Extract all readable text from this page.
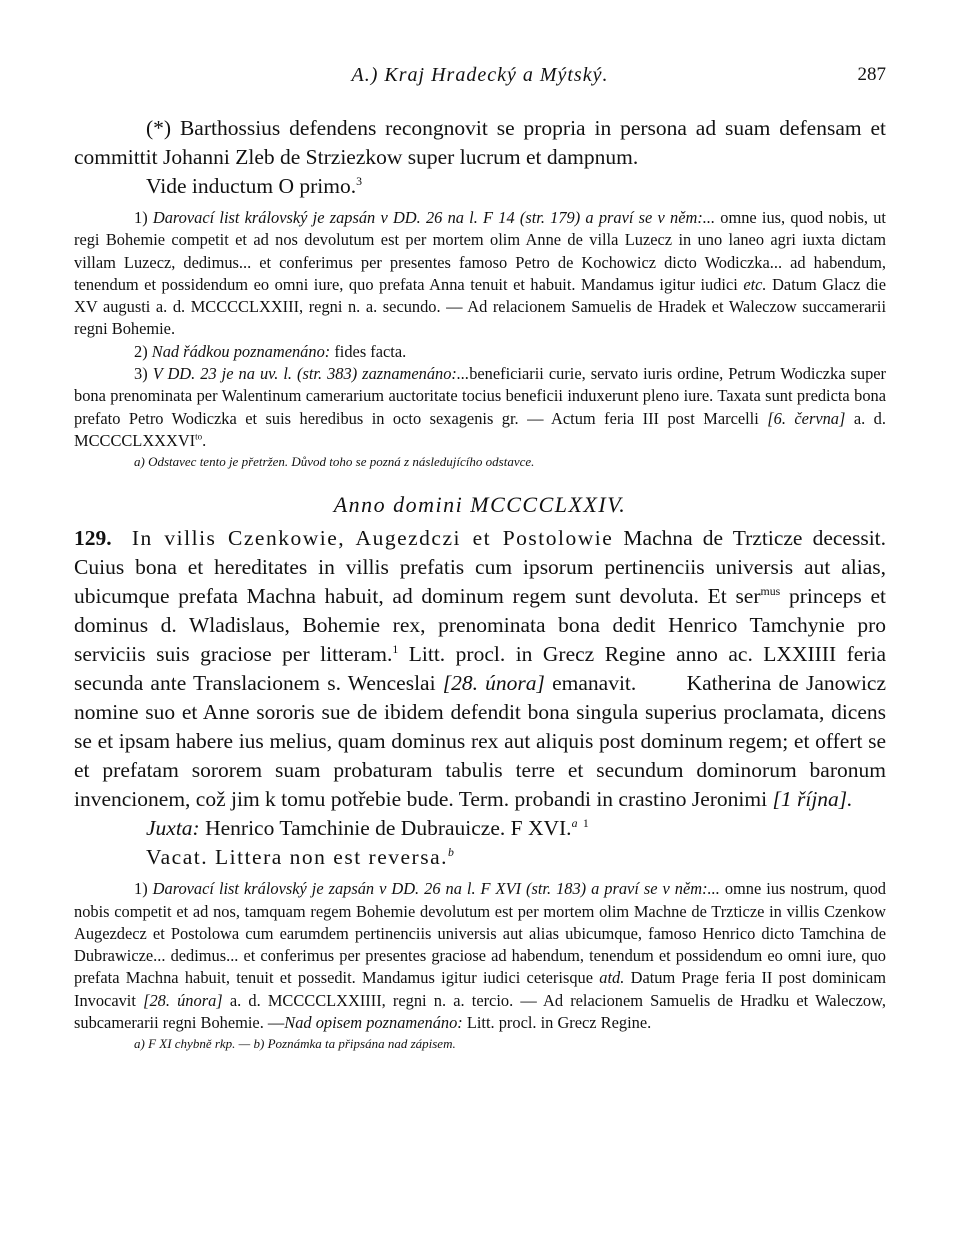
A.) Kraj Hradecký a Mýtský.	287

(*) Barthossius defendens recongnovit se propria in persona ad suam defensam et committit Johanni Zleb de Strziezkow super lucrum et dampnum.

Vide inductum O primo.$^3$

1) Darovací list královský je zapsán v DD. 26 na l. F 14 (str. 179) a praví se v něm:... omne ius, quod nobis, ut regi Bohemie competit et ad nos devolutum est per mortem olim Anne de villa Luzecz in uno laneo agri iuxta dictam villam Luzecz, dedimus... et conferimus per presentes famoso Petro de Kochowicz dicto Wodiczka... ad habendum, tenendum et possidendum eo omni iure, quo prefata Anna tenuit et habuit. Mandamus igitur iudici etc. Datum Glacz die XV augusti a. d. MCCCCLXXIII, regni n. a. secundo. — Ad relacionem Samuelis de Hradek et Waleczow succamerarii regni Bohemie.

2) Nad řádkou poznamenáno: fides facta.

3) V DD. 23 je na uv. l. (str. 383) zaznamenáno:...beneficiarii curie, servato iuris ordine, Petrum Wodiczka super bona prenominata per Walentinum camerarium auctoritate tocius beneficii induxerunt pleno iure. Taxata sunt predicta bona prefato Petro Wodiczka et suis heredibus in octo sexagenis gr. — Actum feria III post Marcelli [6. června] a. d. $MCCCCLXXXVI^{to}$.

a) Odstavec tento je přetržen. Důvod toho se pozná z následujícího odstavce.

Anno domini MCCCCLXXIV.

129. In villis Czenkowie, Augezdczi et Postolowie Machna de Trzticze decessit. Cuius bona et hereditates in villis prefatis cum ipsorum pertinenciis universis aut alias, ubicumque prefata Machna habuit, ad dominum regem sunt devoluta. Et ser$^{mus}$ princeps et dominus d. Wladislaus, Bohemie rex, prenominata bona dedit Henrico Tamchynie pro serviciis suis graciose per litteram.$^1$ Litt. procl. in Grecz Regine anno ac. LXXIIII feria secunda ante Translacionem s. Wenceslai [28. února] emanavit. Katherina de Janowicz nomine suo et Anne sororis sue de ibidem defendit bona singula superius proclamata, dicens se et ipsam habere ius melius, quam dominus rex aut aliquis post dominum regem; et offert se et prefatam sororem suam probaturam tabulis terre et secundum dominorum baronum invencionem, což jim k tomu potřebie bude. Term. probandi in crastino Jeronimi [1 října].

Juxta: Henrico Tamchinie de Dubrauicze. F XVI.$^a$ $^1$

Vacat. Littera non est reversa.$^b$

1) Darovací list královský je zapsán v DD. 26 na l. F XVI (str. 183) a praví se v něm:... omne ius nostrum, quod nobis competit et ad nos, tamquam regem Bohemie devolutum est per mortem olim Machne de Trzticze in villis Czenkow Augezdecz et Postolowa cum earumdem pertinenciis universis aut alias ubicumque, famoso Henrico dicto Tamchina de Dubrawicze... dedimus... et conferimus per presentes graciose ad habendum, tenendum et possidendum eo omni iure, quo prefata Machna habuit, tenuit et possedit. Mandamus igitur iudici ceterisque atd. Datum Prage feria II post dominicam Invocavit [28. února] a. d. MCCCCLXXIIII, regni n. a. tercio. — Ad relacionem Samuelis de Hradku et Waleczow, subcamerarii regni Bohemie. —Nad opisem poznamenáno: Litt. procl. in Grecz Regine.

a) F XI chybně rkp. — b) Poznámka ta připsána nad zápisem.
